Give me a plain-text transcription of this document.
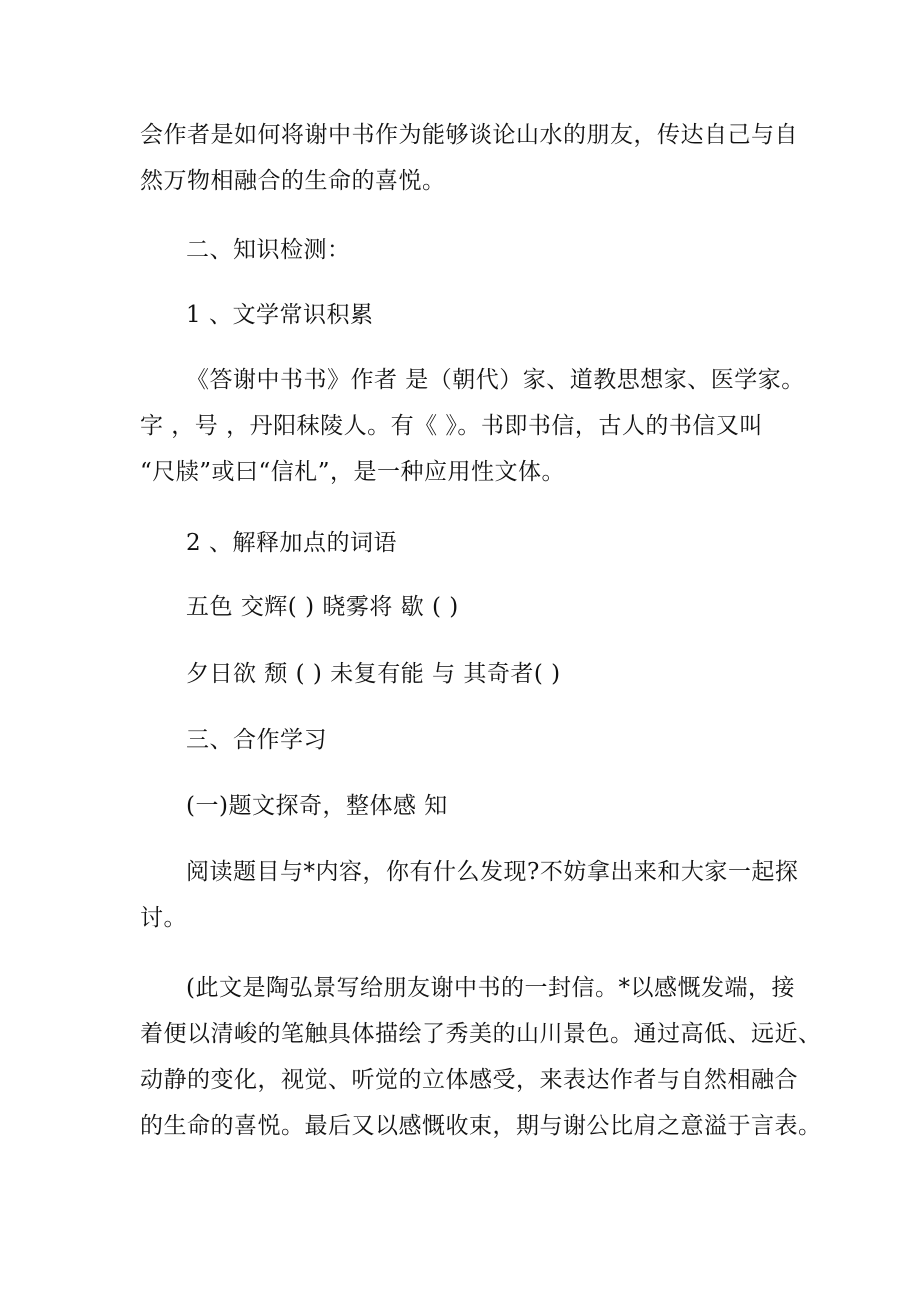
会作者是如何将谢中书作为能够谈论山水的朋友，传达自己与自
然万物相融合的生命的喜悦。

二、知识检测：

1 、文学常识积累

《答谢中书书》作者 是（朝代）家、道教思想家、医学家。
字 ，号 ，丹阳秣陵人。有《 》。书即书信，古人的书信又叫
“尺牍”或曰“信札”，是一种应用性文体。

2 、解释加点的词语

五色 交辉( ) 晓雾将 歇 ( )

夕日欲 颓 ( ) 未复有能 与 其奇者( )

三、合作学习

(一)题文探奇，整体感 知

阅读题目与*内容，你有什么发现?不妨拿出来和大家一起探
讨。

(此文是陶弘景写给朋友谢中书的一封信。*以感慨发端，接
着便以清峻的笔触具体描绘了秀美的山川景色。通过高低、远近、
动静的变化，视觉、听觉的立体感受，来表达作者与自然相融合
的生命的喜悦。最后又以感慨收束，期与谢公比肩之意溢于言表。
